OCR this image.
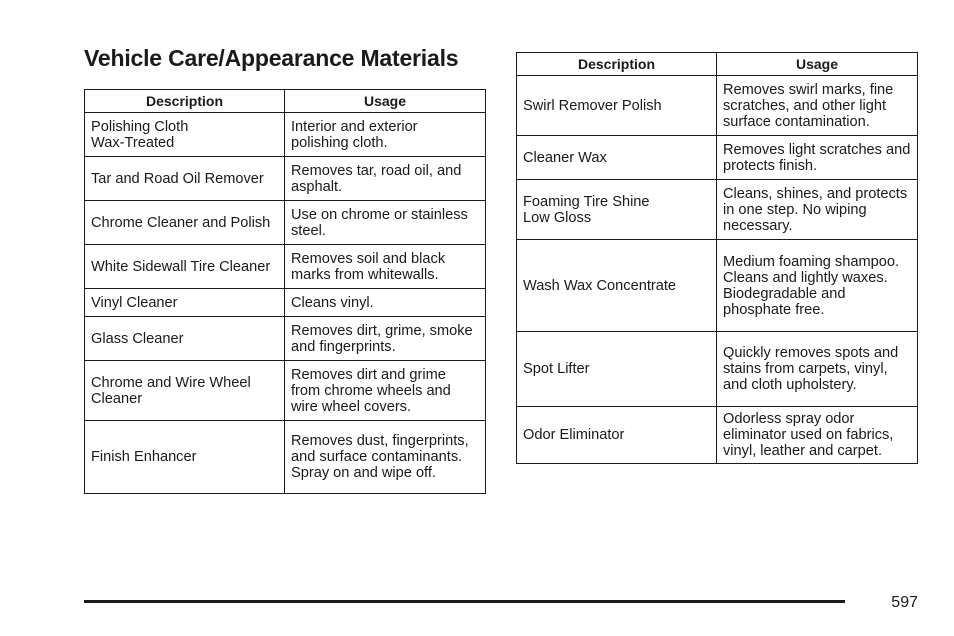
Vehicle Care/Appearance Materials
Description	Usage

Polishing Cloth Wax-Treated	Interior and exterior polishing cloth.

Tar and Road Oil Remover	Removes tar, road oil, and asphalt.

Chrome Cleaner and Polish	Use on chrome or stainless steel.

White Sidewall Tire Cleaner	Removes soil and black marks from whitewalls.

Vinyl Cleaner	Cleans vinyl.

Glass Cleaner	Removes dirt, grime, smoke and fingerprints.

Chrome and Wire Wheel Cleaner	Removes dirt and grime from chrome wheels and wire wheel covers.

Finish Enhancer	Removes dust, fingerprints, and surface contaminants. Spray on and wipe off.
Description	Usage

Swirl Remover Polish	Removes swirl marks, fine scratches, and other light surface contamination.

Cleaner Wax	Removes light scratches and protects finish.

Foaming Tire Shine Low Gloss	Cleans, shines, and protects in one step. No wiping necessary.

Wash Wax Concentrate	Medium foaming shampoo. Cleans and lightly waxes. Biodegradable and phosphate free.

Spot Lifter	Quickly removes spots and stains from carpets, vinyl, and cloth upholstery.

Odor Eliminator	Odorless spray odor eliminator used on fabrics, vinyl, leather and carpet.
597
